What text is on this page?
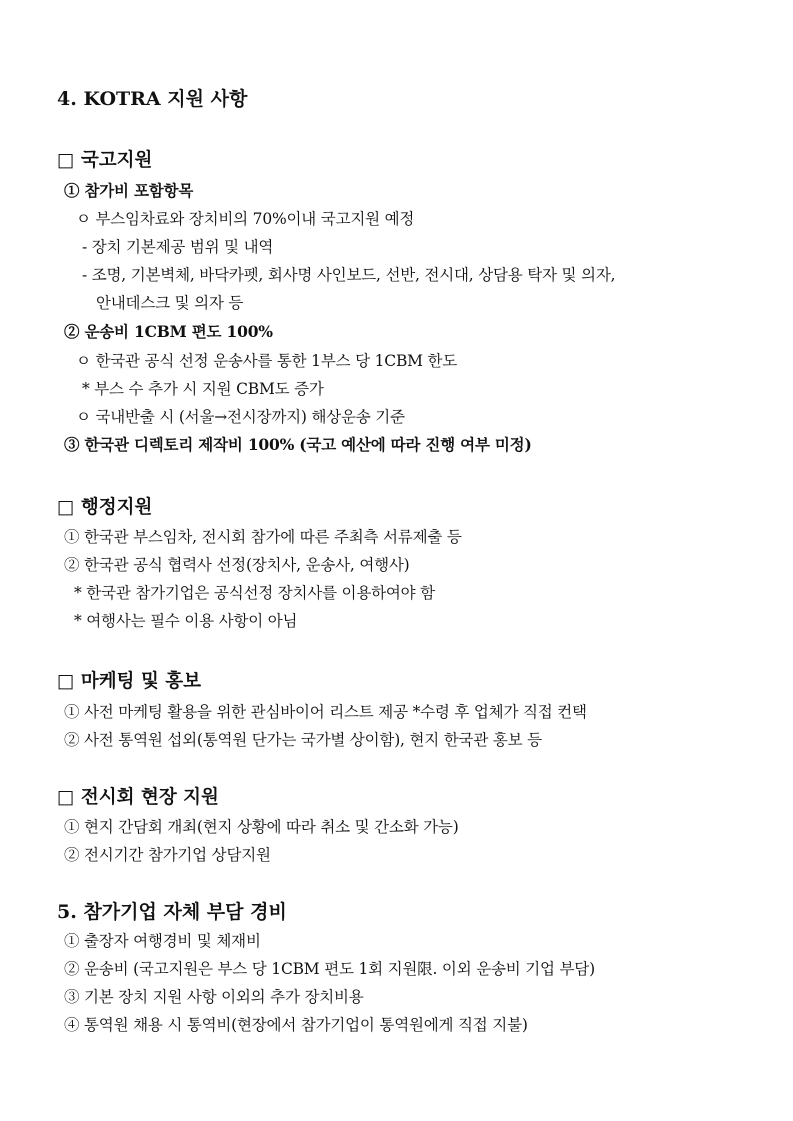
4. KOTRA 지원 사항
□ 국고지원
① 참가비 포함항목
ㅇ 부스임차료와 장치비의 70%이내 국고지원 예정
- 장치 기본제공 범위 및 내역
- 조명, 기본벽체, 바닥카펫, 회사명 사인보드, 선반, 전시대, 상담용 탁자 및 의자,
안내데스크 및 의자 등
② 운송비 1CBM 편도 100%
ㅇ 한국관 공식 선정 운송사를 통한 1부스 당 1CBM 한도
* 부스 수 추가 시 지원 CBM도 증가
ㅇ 국내반출 시 (서울→전시장까지) 해상운송 기준
③ 한국관 디렉토리 제작비 100% (국고 예산에 따라 진행 여부 미정)
□ 행정지원
① 한국관 부스임차, 전시회 참가에 따른 주최측 서류제출 등
② 한국관 공식 협력사 선정(장치사, 운송사, 여행사)
* 한국관 참가기업은 공식선정 장치사를 이용하여야 함
* 여행사는 필수 이용 사항이 아님
□ 마케팅 및 홍보
① 사전 마케팅 활용을 위한 관심바이어 리스트 제공 *수령 후 업체가 직접 컨택
② 사전 통역원 섭외(통역원 단가는 국가별 상이함), 현지 한국관 홍보 등
□ 전시회 현장 지원
① 현지 간담회 개최(현지 상황에 따라 취소 및 간소화 가능)
② 전시기간 참가기업 상담지원
5. 참가기업 자체 부담 경비
① 출장자 여행경비 및 체재비
② 운송비 (국고지원은 부스 당 1CBM 편도 1회 지원限. 이외 운송비 기업 부담)
③ 기본 장치 지원 사항 이외의 추가 장치비용
④ 통역원 채용 시 통역비(현장에서 참가기업이 통역원에게 직접 지불)
